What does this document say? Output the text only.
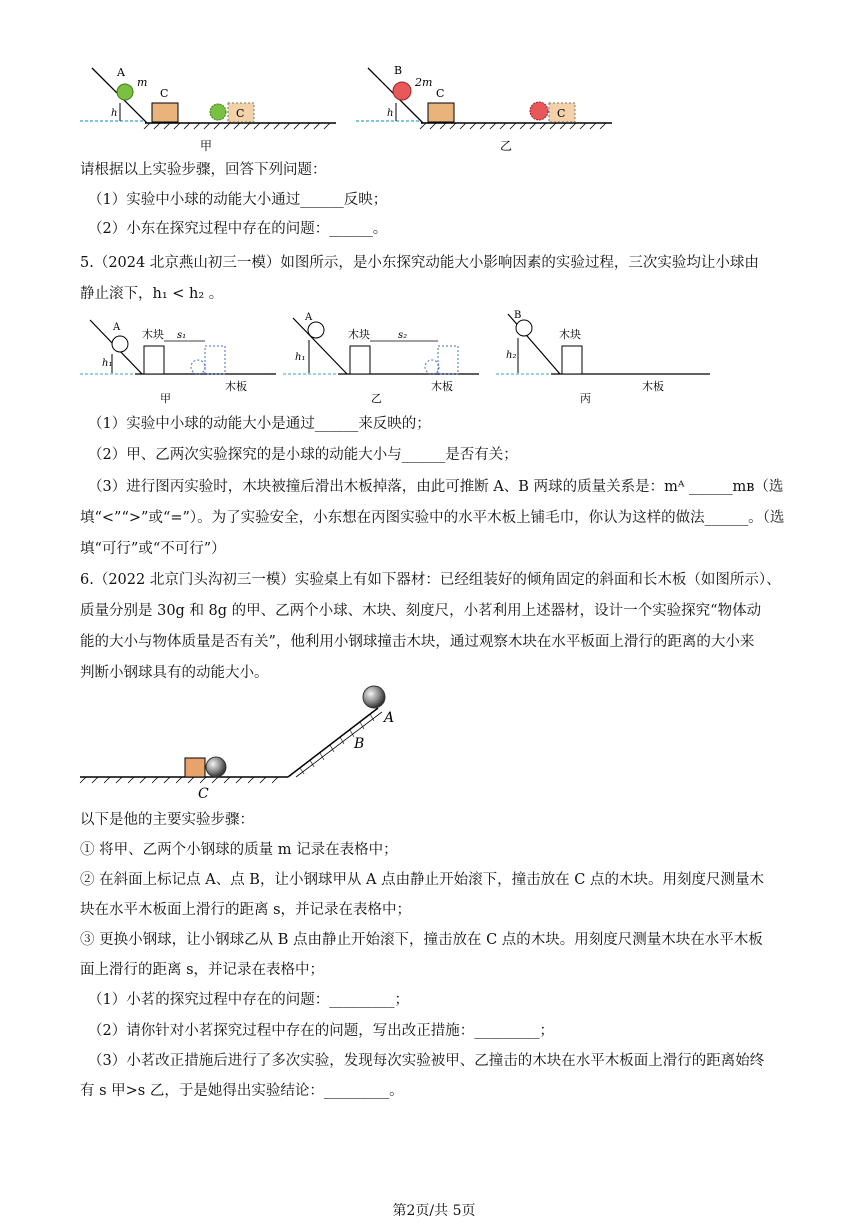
A
m
h
C
C
甲
B
2m
h
C
C
乙
请根据以上实验步骤，回答下列问题：
（1）实验中小球的动能大小通过______反映；
（2）小东在探究过程中存在的问题：______。
5.（2024 北京燕山初三一模）如图所示，是小东探究动能大小影响因素的实验过程，三次实验均让小球由
静止滚下，h₁ < h₂ 。
A
h₁
木块 s₁
木板
甲
A
h₁
木块	s₂
木板
乙
B
h₂
木块
木板
丙
（1）实验中小球的动能大小是通过______来反映的；
（2）甲、乙两次实验探究的是小球的动能大小与______是否有关；
（3）进行图丙实验时，木块被撞后滑出木板掉落，由此可推断 A、B 两球的质量关系是：mᴬ ______mʙ（选
填“<”“>”或“=”）。为了实验安全，小东想在丙图实验中的水平木板上铺毛巾，你认为这样的做法______。（选
填“可行”或“不可行”）
6.（2022 北京门头沟初三一模）实验桌上有如下器材：已经组装好的倾角固定的斜面和长木板（如图所示）、
质量分别是 30g 和 8g 的甲、乙两个小球、木块、刻度尺，小茗利用上述器材，设计一个实验探究“物体动
能的大小与物体质量是否有关”，他利用小钢球撞击木块，通过观察木块在水平板面上滑行的距离的大小来
判断小钢球具有的动能大小。
A
B
C
以下是他的主要实验步骤：
① 将甲、乙两个小钢球的质量 m 记录在表格中；
② 在斜面上标记点 A、点 B，让小钢球甲从 A 点由静止开始滚下，撞击放在 C 点的木块。用刻度尺测量木
块在水平木板面上滑行的距离 s，并记录在表格中；
③ 更换小钢球，让小钢球乙从 B 点由静止开始滚下，撞击放在 C 点的木块。用刻度尺测量木块在水平木板
面上滑行的距离 s，并记录在表格中；
（1）小茗的探究过程中存在的问题：_________；
（2）请你针对小茗探究过程中存在的问题，写出改正措施：_________；
（3）小茗改正措施后进行了多次实验，发现每次实验被甲、乙撞击的木块在水平木板面上滑行的距离始终
有 s 甲>s 乙，于是她得出实验结论：_________。
第2页/共 5页
